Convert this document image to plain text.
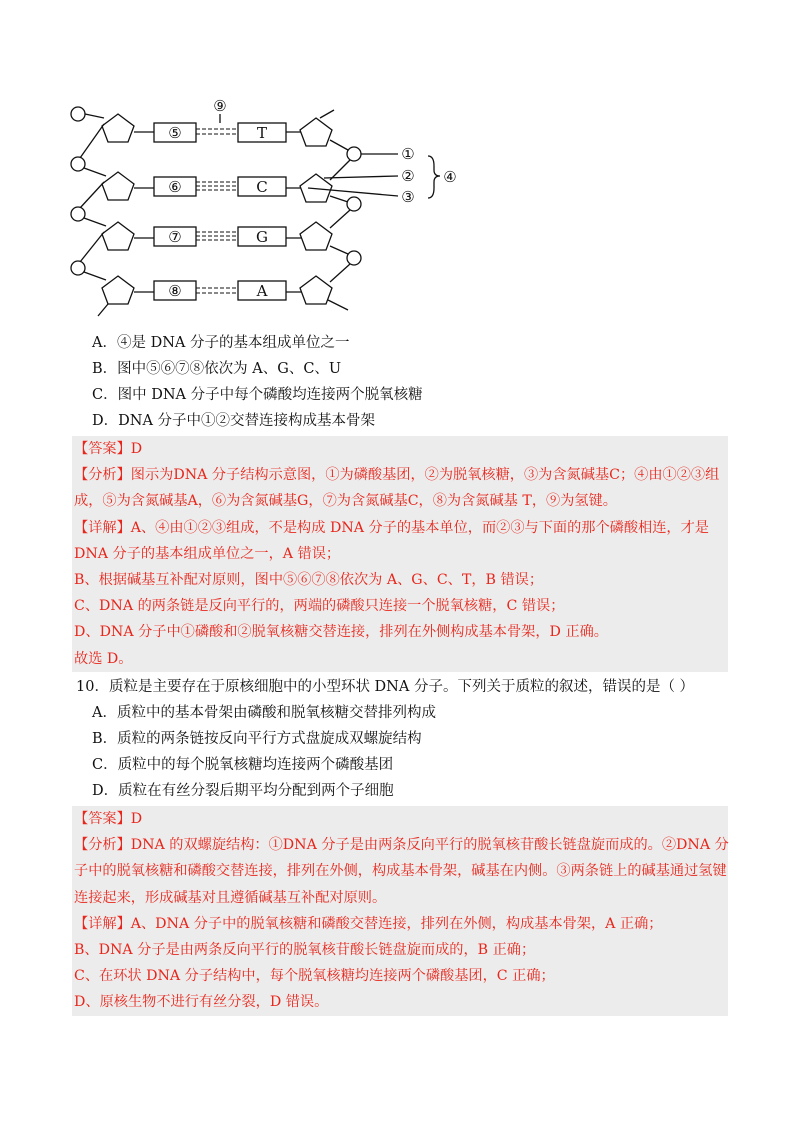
⑤
⑥
⑦
⑧
T
C
G
A
⑨
①
②
③
④
A．④是 DNA 分子的基本组成单位之一
B．图中⑤⑥⑦⑧依次为 A、G、C、U
C．图中 DNA 分子中每个磷酸均连接两个脱氧核糖
D．DNA 分子中①②交替连接构成基本骨架

【答案】D

【分析】图示为DNA 分子结构示意图，①为磷酸基团，②为脱氧核糖，③为含氮碱基C；④由①②③组

成，⑤为含氮碱基A，⑥为含氮碱基G，⑦为含氮碱基C，⑧为含氮碱基 T，⑨为氢键。

【详解】A、④由①②③组成，不是构成 DNA 分子的基本单位，而②③与下面的那个磷酸相连，才是

DNA 分子的基本组成单位之一，A 错误；

B、根据碱基互补配对原则，图中⑤⑥⑦⑧依次为 A、G、C、T，B 错误；

C、DNA 的两条链是反向平行的，两端的磷酸只连接一个脱氧核糖，C 错误；

D、DNA 分子中①磷酸和②脱氧核糖交替连接，排列在外侧构成基本骨架，D 正确。

故选 D。

10．质粒是主要存在于原核细胞中的小型环状 DNA 分子。下列关于质粒的叙述，错误的是（ ）
A．质粒中的基本骨架由磷酸和脱氧核糖交替排列构成
B．质粒的两条链按反向平行方式盘旋成双螺旋结构
C．质粒中的每个脱氧核糖均连接两个磷酸基团
D．质粒在有丝分裂后期平均分配到两个子细胞

【答案】D

【分析】DNA 的双螺旋结构：①DNA 分子是由两条反向平行的脱氧核苷酸长链盘旋而成的。②DNA 分

子中的脱氧核糖和磷酸交替连接，排列在外侧，构成基本骨架，碱基在内侧。③两条链上的碱基通过氢键

连接起来，形成碱基对且遵循碱基互补配对原则。

【详解】A、DNA 分子中的脱氧核糖和磷酸交替连接，排列在外侧，构成基本骨架，A 正确；

B、DNA 分子是由两条反向平行的脱氧核苷酸长链盘旋而成的，B 正确；

C、在环状 DNA 分子结构中，每个脱氧核糖均连接两个磷酸基团，C 正确；

D、原核生物不进行有丝分裂，D 错误。
